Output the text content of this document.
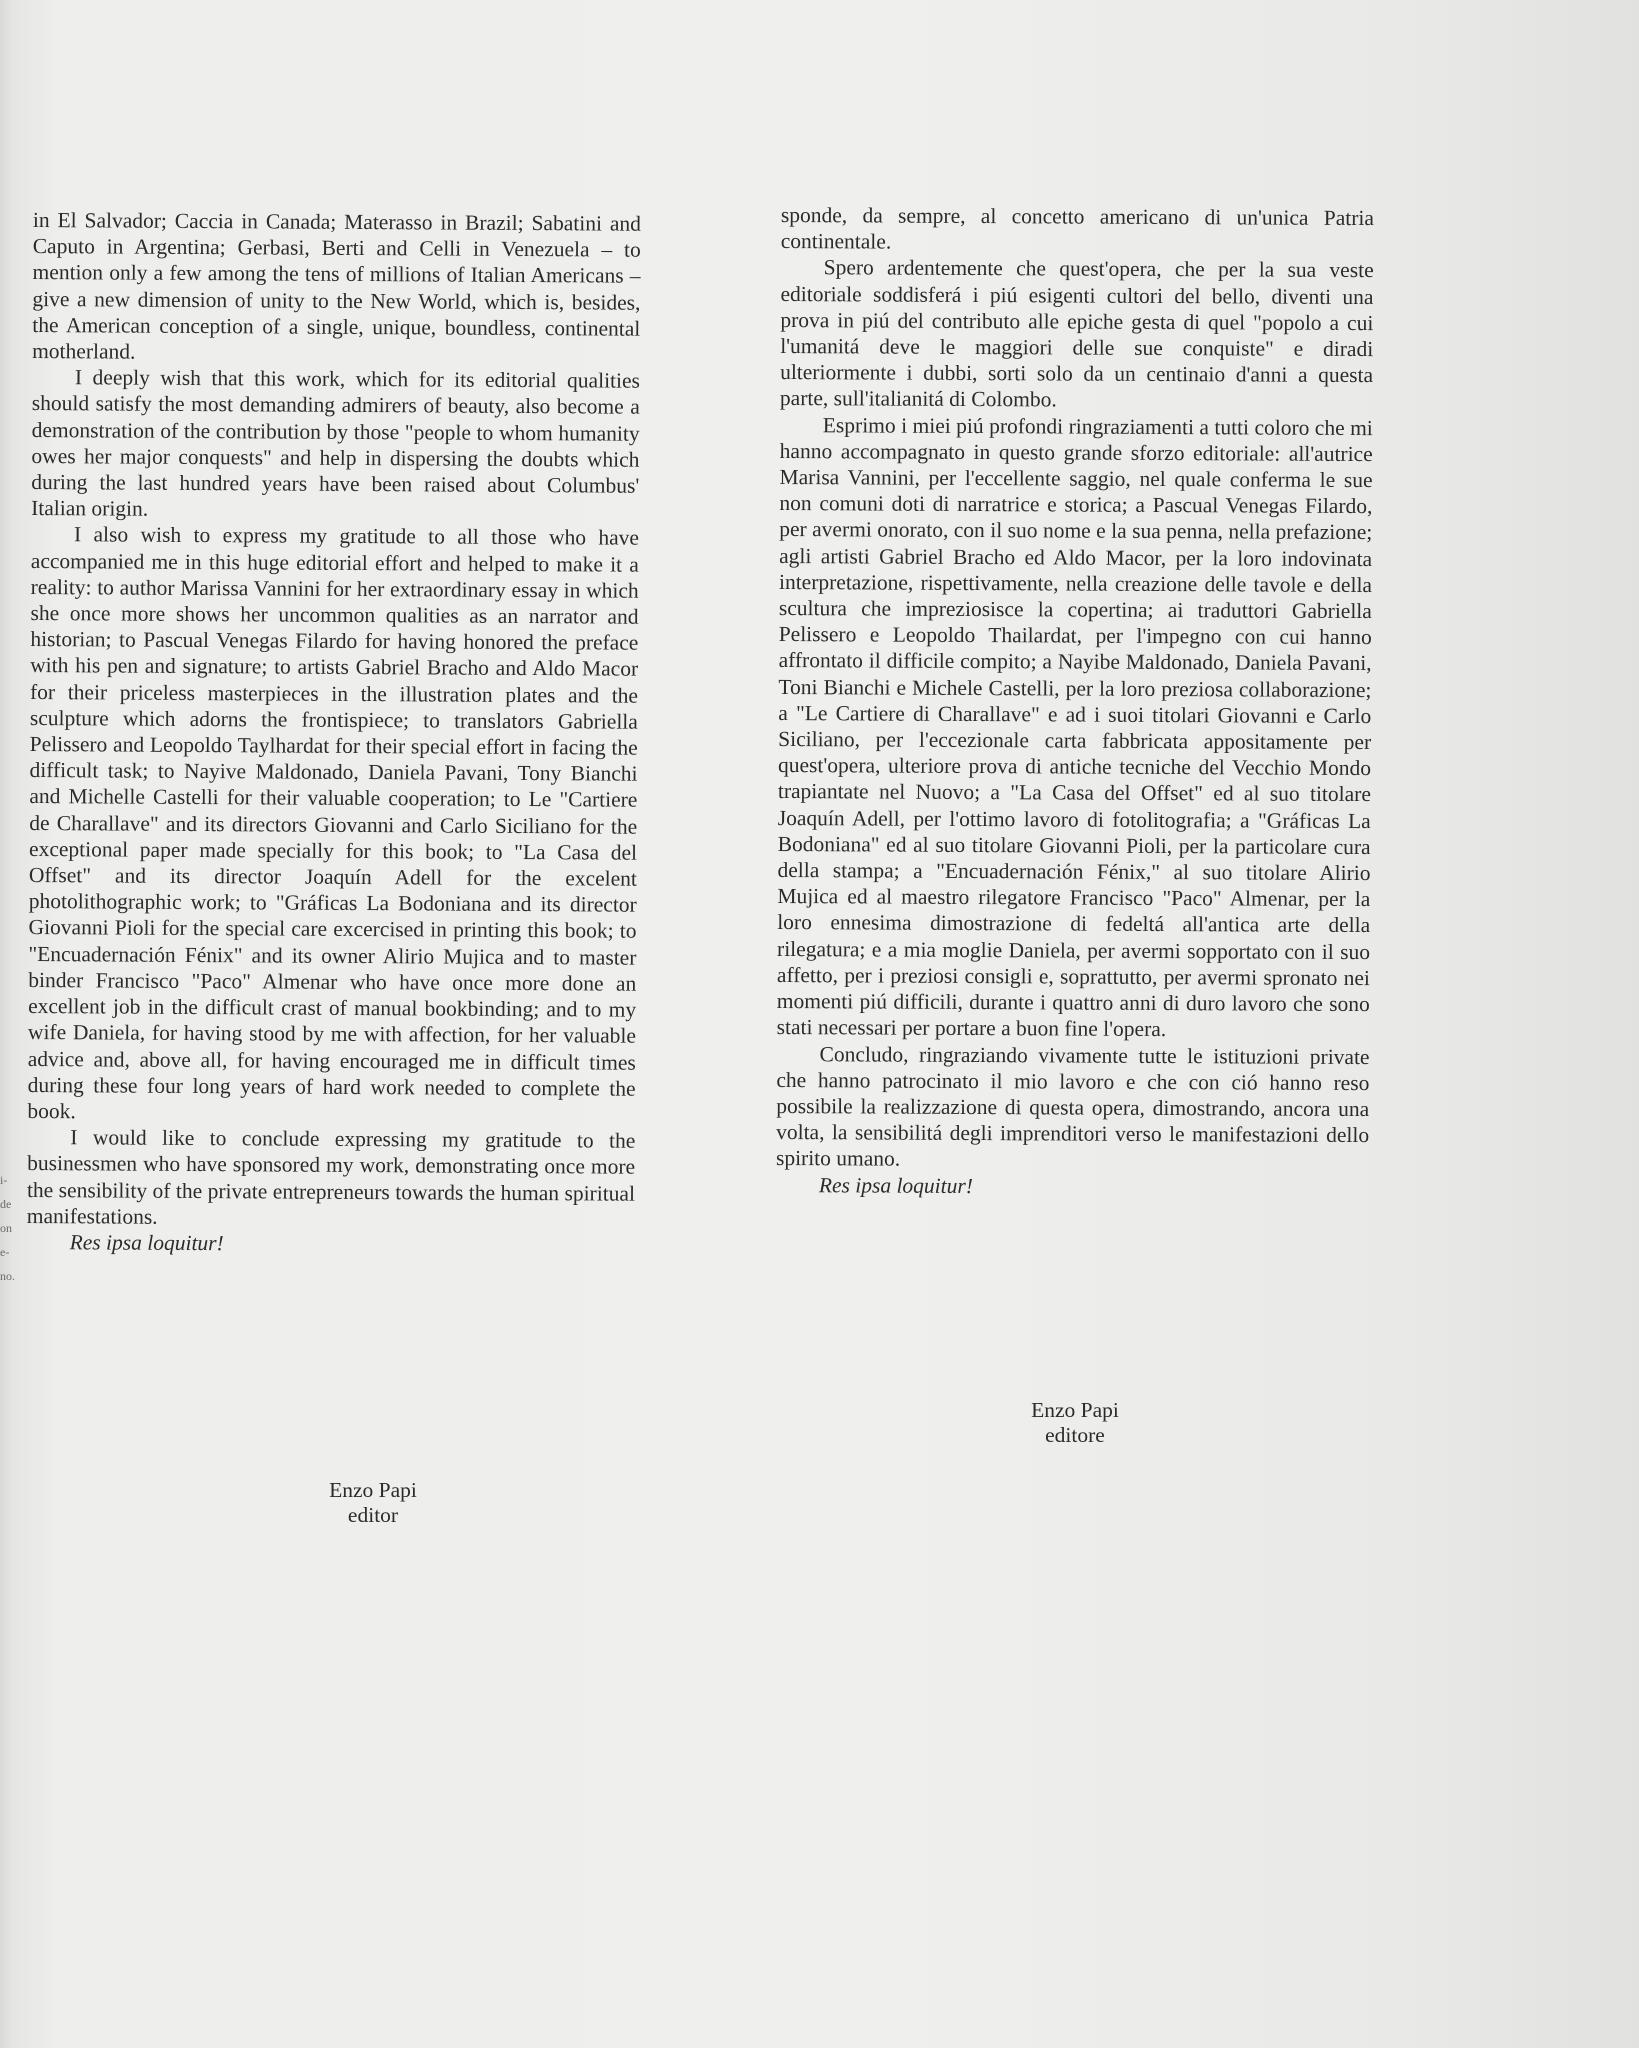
i-
de
on
e-
no.

in El Salvador; Caccia in Canada; Materasso in Brazil; Sabatini and Caputo in Argentina; Gerbasi, Berti and Celli in Venezuela – to mention only a few among the tens of millions of Italian Americans – give a new dimension of unity to the New World, which is, besides, the American conception of a single, unique, boundless, continental motherland.

I deeply wish that this work, which for its editorial qualities should satisfy the most demanding admirers of beauty, also become a demonstration of the contribution by those "people to whom humanity owes her major conquests" and help in dispersing the doubts which during the last hundred years have been raised about Columbus' Italian origin.

I also wish to express my gratitude to all those who have accompanied me in this huge editorial effort and helped to make it a reality: to author Marissa Vannini for her extraordinary essay in which she once more shows her uncommon qualities as an narrator and historian; to Pascual Venegas Filardo for having honored the preface with his pen and signature; to artists Gabriel Bracho and Aldo Macor for their priceless masterpieces in the illustration plates and the sculpture which adorns the frontispiece; to translators Gabriella Pelissero and Leopoldo Taylhardat for their special effort in facing the difficult task; to Nayive Maldonado, Daniela Pavani, Tony Bianchi and Michelle Castelli for their valuable cooperation; to Le "Cartiere de Charallave" and its directors Giovanni and Carlo Siciliano for the exceptional paper made specially for this book; to "La Casa del Offset" and its director Joaquín Adell for the excelent photolithographic work; to "Gráficas La Bodoniana and its director Giovanni Pioli for the special care excercised in printing this book; to "Encuadernación Fénix" and its owner Alirio Mujica and to master binder Francisco "Paco" Almenar who have once more done an excellent job in the difficult crast of manual bookbinding; and to my wife Daniela, for having stood by me with affection, for her valuable advice and, above all, for having encouraged me in difficult times during these four long years of hard work needed to complete the book.

I would like to conclude expressing my gratitude to the businessmen who have sponsored my work, demonstrating once more the sensibility of the private entrepreneurs towards the human spiritual manifestations.

Res ipsa loquitur!

Enzo Papi
editor

sponde, da sempre, al concetto americano di un'unica Patria continentale.

Spero ardentemente che quest'opera, che per la sua veste editoriale soddisferá i piú esigenti cultori del bello, diventi una prova in piú del contributo alle epiche gesta di quel "popolo a cui l'umanitá deve le maggiori delle sue conquiste" e diradi ulteriormente i dubbi, sorti solo da un centinaio d'anni a questa parte, sull'italianitá di Colombo.

Esprimo i miei piú profondi ringraziamenti a tutti coloro che mi hanno accompagnato in questo grande sforzo editoriale: all'autrice Marisa Vannini, per l'eccellente saggio, nel quale conferma le sue non comuni doti di narratrice e storica; a Pascual Venegas Filardo, per avermi onorato, con il suo nome e la sua penna, nella prefazione; agli artisti Gabriel Bracho ed Aldo Macor, per la loro indovinata interpretazione, rispettivamente, nella creazione delle tavole e della scultura che impreziosisce la copertina; ai traduttori Gabriella Pelissero e Leopoldo Thailardat, per l'impegno con cui hanno affrontato il difficile compito; a Nayibe Maldonado, Daniela Pavani, Toni Bianchi e Michele Castelli, per la loro preziosa collaborazione; a "Le Cartiere di Charallave" e ad i suoi titolari Giovanni e Carlo Siciliano, per l'eccezionale carta fabbricata appositamente per quest'opera, ulteriore prova di antiche tecniche del Vecchio Mondo trapiantate nel Nuovo; a "La Casa del Offset" ed al suo titolare Joaquín Adell, per l'ottimo lavoro di fotolitografia; a "Gráficas La Bodoniana" ed al suo titolare Giovanni Pioli, per la particolare cura della stampa; a "Encuadernación Fénix," al suo titolare Alirio Mujica ed al maestro rilegatore Francisco "Paco" Almenar, per la loro ennesima dimostrazione di fedeltá all'antica arte della rilegatura; e a mia moglie Daniela, per avermi sopportato con il suo affetto, per i preziosi consigli e, soprattutto, per avermi spronato nei momenti piú difficili, durante i quattro anni di duro lavoro che sono stati necessari per portare a buon fine l'opera.

Concludo, ringraziando vivamente tutte le istituzioni private che hanno patrocinato il mio lavoro e che con ció hanno reso possibile la realizzazione di questa opera, dimostrando, ancora una volta, la sensibilitá degli imprenditori verso le manifestazioni dello spirito umano.

Res ipsa loquitur!

Enzo Papi
editore
